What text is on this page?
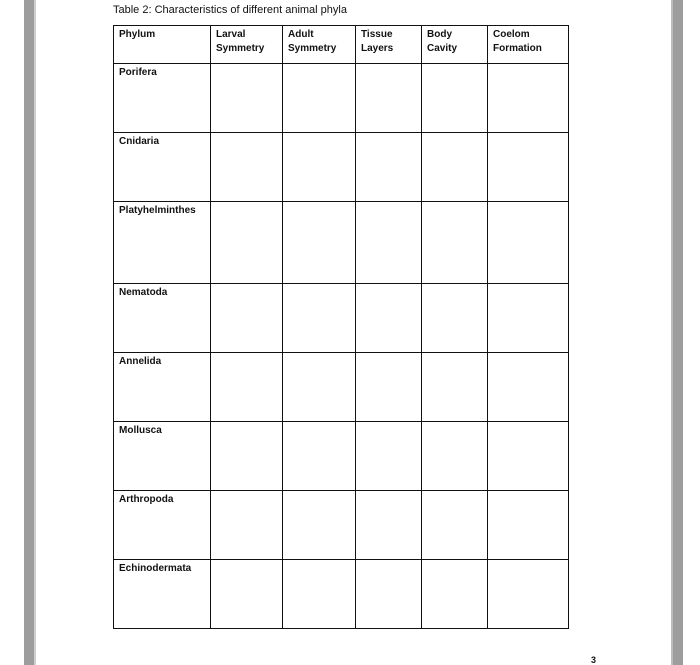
Table 2: Characteristics of different animal phyla
Phylum	Larval Symmetry	Adult Symmetry	Tissue Layers	Body Cavity	Coelom Formation

Porifera					

Cnidaria					

Platyhelminthes					

Nematoda					

Annelida					

Mollusca					

Arthropoda					

Echinodermata					

3
